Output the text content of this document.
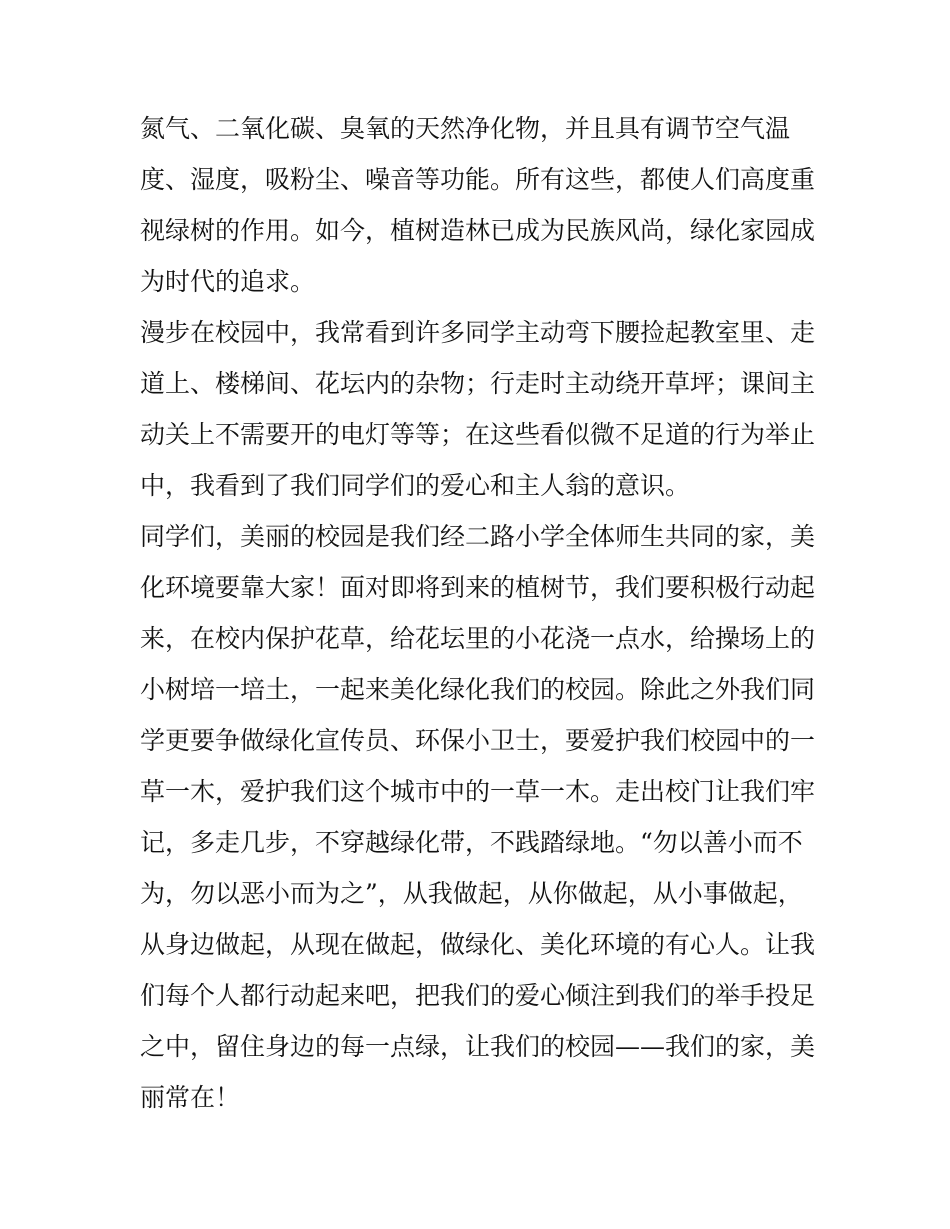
氮气、二氧化碳、臭氧的天然净化物，并且具有调节空气温
度、湿度，吸粉尘、噪音等功能。所有这些，都使人们高度重
视绿树的作用。如今，植树造林已成为民族风尚，绿化家园成
为时代的追求。
漫步在校园中，我常看到许多同学主动弯下腰捡起教室里、走
道上、楼梯间、花坛内的杂物；行走时主动绕开草坪；课间主
动关上不需要开的电灯等等；在这些看似微不足道的行为举止
中，我看到了我们同学们的爱心和主人翁的意识。
同学们，美丽的校园是我们经二路小学全体师生共同的家，美
化环境要靠大家！面对即将到来的植树节，我们要积极行动起
来，在校内保护花草，给花坛里的小花浇一点水，给操场上的
小树培一培土，一起来美化绿化我们的校园。除此之外我们同
学更要争做绿化宣传员、环保小卫士，要爱护我们校园中的一
草一木，爱护我们这个城市中的一草一木。走出校门让我们牢
记，多走几步，不穿越绿化带，不践踏绿地。“勿以善小而不
为，勿以恶小而为之”，从我做起，从你做起，从小事做起，
从身边做起，从现在做起，做绿化、美化环境的有心人。让我
们每个人都行动起来吧，把我们的爱心倾注到我们的举手投足
之中，留住身边的每一点绿，让我们的校园——我们的家，美
丽常在！
